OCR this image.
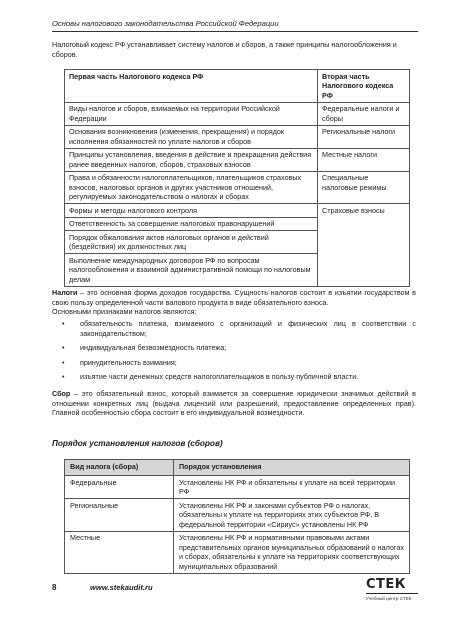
Основы налогового законодательства Российской Федерации

Налоговый кодекс РФ устанавливает систему налогов и сборов, а также принципы налогообложения и сборов.

Первая часть Налогового кодекса РФ	Вторая часть Налогового кодекса РФ
Виды налогов и сборов, взимаемых на территории Российской Федерации	Федеральные налоги и сборы
Основания возникновения (изменения, прекращения) и порядок исполнения обязанностей по уплате налогов и сборов	Региональные налоги
Принципы установления, введения в действие и прекращения действия ранее введенных налогов, сборов, страховых взносов	Местные налоги
Права и обязанности налогоплательщиков, плательщиков страховых взносов, налоговых органов и других участников отношений, регулируемых законодательством о налогах и сборах	Специальные налоговые режимы
Формы и методы налогового контроля	Страховые взносы
Ответственность за совершение налоговых правонарушений	
Порядок обжалования актов налоговых органов и действий (бездействия) их должностных лиц	
Выполнение международных договоров РФ по вопросам налогообложения и взаимной административной помощи по налоговым делам	

Налоги – это основная форма доходов государства. Сущность налогов состоит в изъятии государством в свою пользу определенной части валового продукта в виде обязательного взноса.

Основными признаками налогов являются:

• обязательность платежа, взимаемого с организаций и физических лиц в соответствии с законодательством;
• индивидуальная безвозмездность платежа;
• принудительность взимания;
• изъятие части денежных средств налогоплательщиков в пользу публичной власти.

Сбор – это обязательный взнос, который взимается за совершение юридически значимых действий в отношении конкретных лиц (выдача лицензий или разрешений, предоставление определенных прав). Главной особенностью сбора состоит в его индивидуальной возмездности.

Порядок установления налогов (сборов)
Вид налога (сбора)	Порядок установления
Федеральные	Установлены НК РФ и обязательны к уплате на всей территории РФ
Региональные	Установлены НК РФ и законами субъектов РФ о налогах, обязательны к уплате на территориях этих субъектов РФ. В федеральной территории «Сириус» установлены НК РФ
Местные	Установлены НК РФ и нормативными правовыми актами представительных органов муниципальных образований о налогах и сборах, обязательны к уплате на территориях соответствующих муниципальных образований
8	www.stekaudit.ru	СТЕК
Учебный центр СТЕК
